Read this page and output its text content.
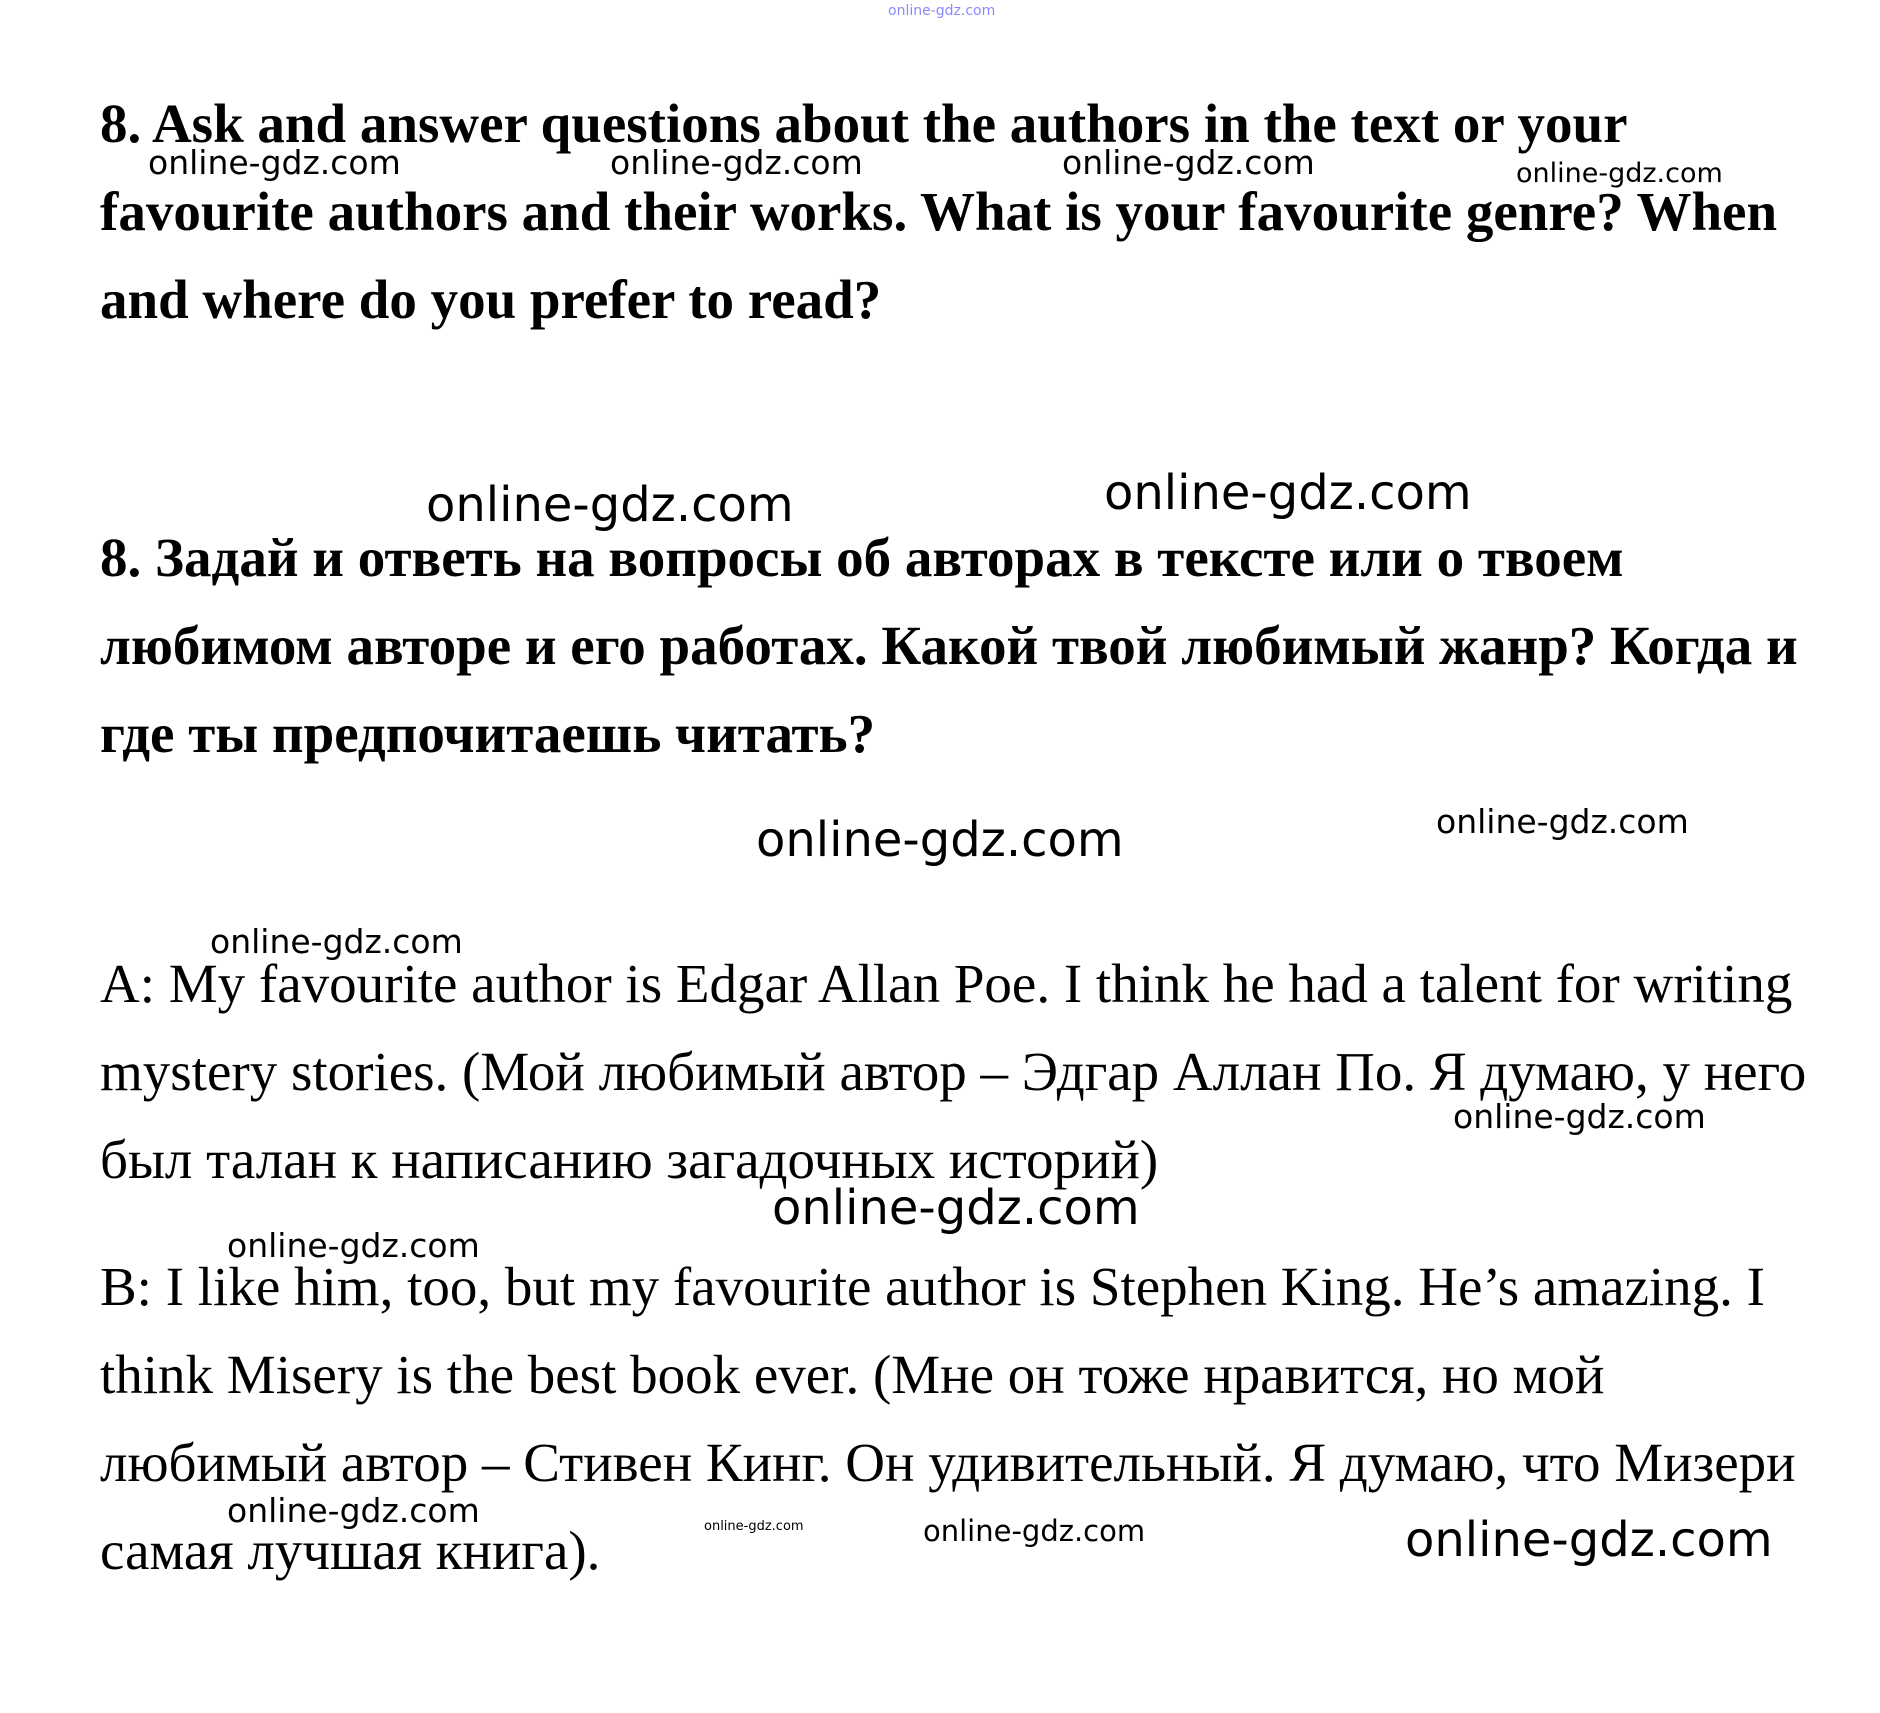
8. Ask and answer questions about the authors in the text or your favourite authors and their works. What is your favourite genre? When and where do you prefer to read?

8. Задай и ответь на вопросы об авторах в тексте или о твоем любимом авторе и его работах. Какой твой любимый жанр? Когда и где ты предпочитаешь читать?

A: My favourite author is Edgar Allan Poe. I think he had a talent for writing mystery stories. (Мой любимый автор – Эдгар Аллан По. Я думаю, у него был талан к написанию загадочных историй)

B: I like him, too, but my favourite author is Stephen King. He’s amazing. I think Misery is the best book ever. (Мне он тоже нравится, но мой любимый автор – Стивен Кинг. Он удивительный. Я думаю, что Мизери самая лучшая книга).

online-gdz.com
online-gdz.com	online-gdz.com	online-gdz.com	online-gdz.com
online-gdz.com	online-gdz.com
online-gdz.com	online-gdz.com
online-gdz.com
online-gdz.com
online-gdz.com
online-gdz.com
online-gdz.com	online-gdz.com	online-gdz.com	online-gdz.com
